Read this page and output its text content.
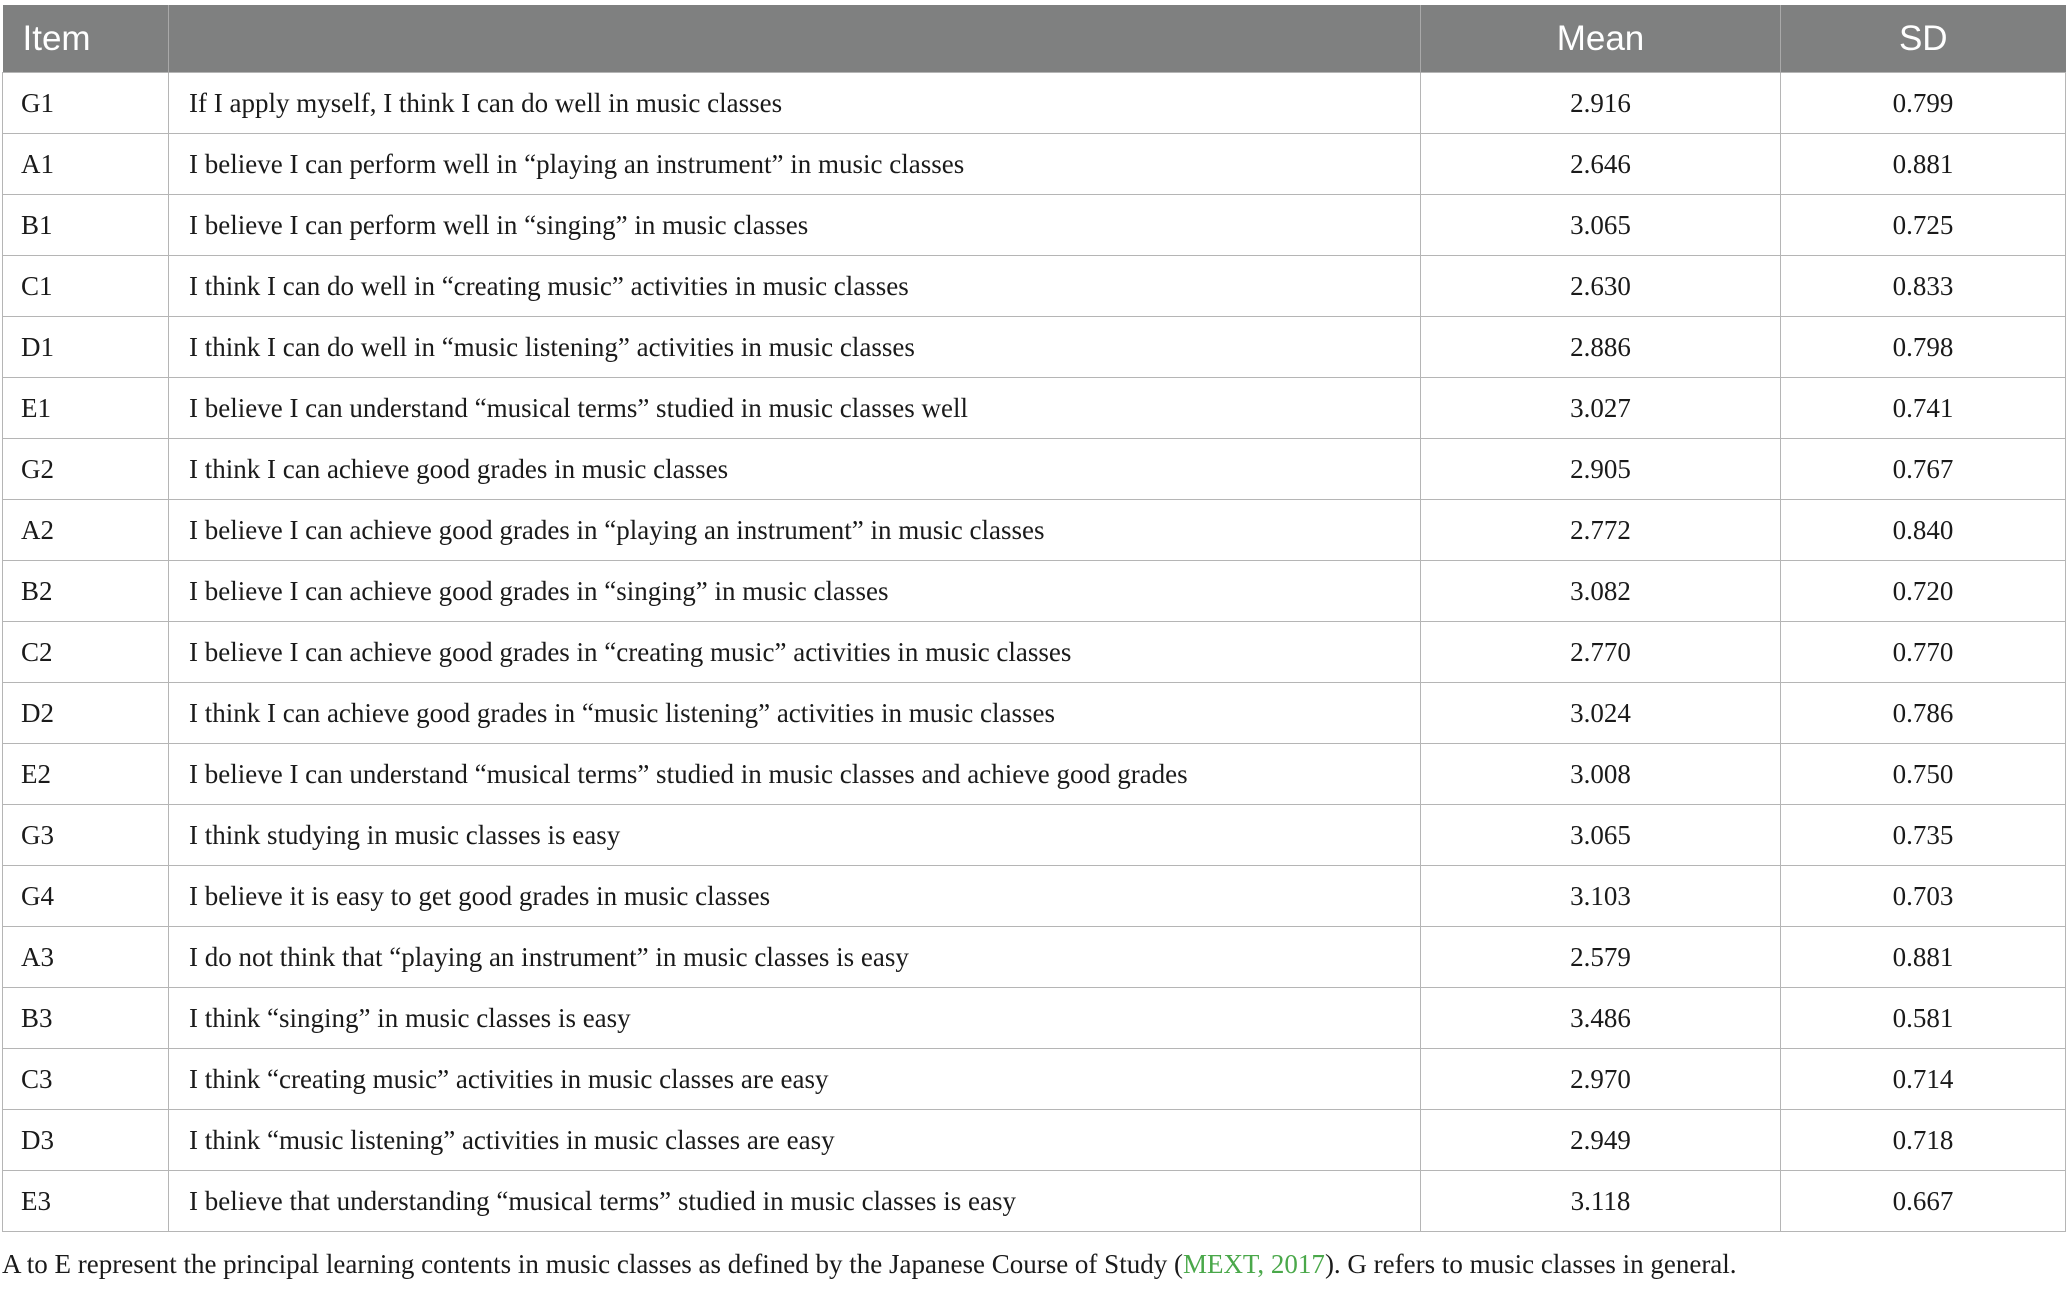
Item		Mean	SD
G1	If I apply myself, I think I can do well in music classes	2.916	0.799
A1	I believe I can perform well in “playing an instrument” in music classes	2.646	0.881
B1	I believe I can perform well in “singing” in music classes	3.065	0.725
C1	I think I can do well in “creating music” activities in music classes	2.630	0.833
D1	I think I can do well in “music listening” activities in music classes	2.886	0.798
E1	I believe I can understand “musical terms” studied in music classes well	3.027	0.741
G2	I think I can achieve good grades in music classes	2.905	0.767
A2	I believe I can achieve good grades in “playing an instrument” in music classes	2.772	0.840
B2	I believe I can achieve good grades in “singing” in music classes	3.082	0.720
C2	I believe I can achieve good grades in “creating music” activities in music classes	2.770	0.770
D2	I think I can achieve good grades in “music listening” activities in music classes	3.024	0.786
E2	I believe I can understand “musical terms” studied in music classes and achieve good grades	3.008	0.750
G3	I think studying in music classes is easy	3.065	0.735
G4	I believe it is easy to get good grades in music classes	3.103	0.703
A3	I do not think that “playing an instrument” in music classes is easy	2.579	0.881
B3	I think “singing” in music classes is easy	3.486	0.581
C3	I think “creating music” activities in music classes are easy	2.970	0.714
D3	I think “music listening” activities in music classes are easy	2.949	0.718
E3	I believe that understanding “musical terms” studied in music classes is easy	3.118	0.667
A to E represent the principal learning contents in music classes as defined by the Japanese Course of Study (MEXT, 2017). G refers to music classes in general.
